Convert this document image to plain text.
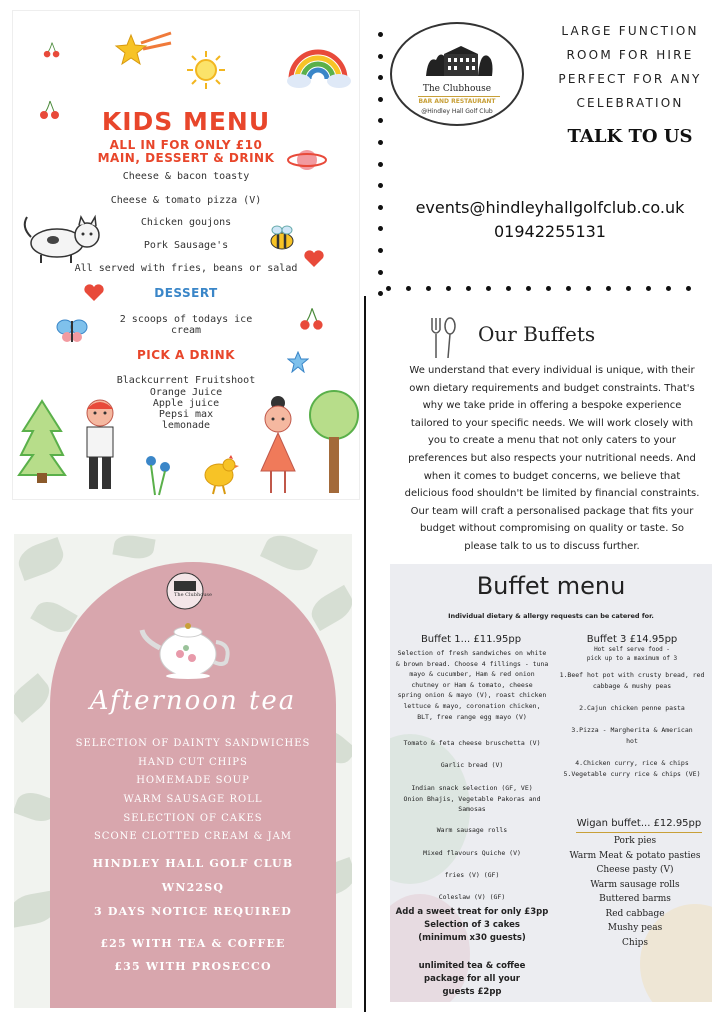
KIDS MENU
ALL IN FOR ONLY £10
MAIN, DESSERT & DRINK
Cheese & bacon toasty
Cheese & tomato pizza (V)
Chicken goujons
Pork Sausage's
All served with fries, beans or salad
DESSERT
2 scoops of todays ice
cream
PICK A DRINK
Blackcurrent Fruitshoot
Orange Juice
Apple juice
Pepsi max
lemonade
The Clubhouse
Afternoon tea
SELECTION OF DAINTY SANDWICHES
HAND CUT CHIPS
HOMEMADE SOUP
WARM SAUSAGE ROLL
SELECTION OF CAKES
SCONE CLOTTED CREAM & JAM
HINDLEY HALL GOLF CLUB
WN22SQ
3 DAYS NOTICE REQUIRED
£25 WITH TEA & COFFEE
£35 WITH PROSECCO
The Clubhouse
BAR AND RESTAURANT
@Hindley Hall Golf Club
LARGE FUNCTION
ROOM FOR HIRE
PERFECT FOR ANY
CELEBRATION
TALK TO US
events@hindleyhallgolfclub.co.uk
01942255131
Our Buffets
We understand that every individual is unique, with their own dietary requirements and budget constraints. That's why we take pride in offering a bespoke experience tailored to your specific needs. We will work closely with you to create a menu that not only caters to your preferences but also respects your nutritional needs. And when it comes to budget concerns, we believe that delicious food shouldn't be limited by financial constraints. Our team will craft a personalised package that fits your budget without compromising on quality or taste. So please talk to us to discuss further.
Buffet menu
Individual dietary & allergy requests can be catered for.
Buffet 1... £11.95pp
Selection of fresh sandwiches on white
& brown bread. Choose 4 fillings - tuna
mayo & cucumber, Ham & red onion
chutney or Ham & tomato, cheese
spring onion & mayo (V), roast chicken
lettuce & mayo, coronation chicken,
BLT, free range egg mayo (V)
Tomato & feta cheese bruschetta (V)
Garlic bread (V)
Indian snack selection (GF, VE)
Onion Bhajis, Vegetable Pakoras and
Samosas
Warm sausage rolls
Mixed flavours Quiche (V)
fries (V) (GF)
Coleslaw (V) (GF)
Add a sweet treat for only £3pp
Selection of 3 cakes
(minimum x30 guests)
unlimited tea & coffee
package for all your
guests £2pp
Buffet 3 £14.95pp
Hot self serve food -
pick up to a maximum of 3
1.Beef hot pot with crusty bread, red
cabbage & mushy peas
2.Cajun chicken penne pasta
3.Pizza - Margherita & American
hot
4.Chicken curry, rice & chips
5.Vegetable curry rice & chips (VE)
Wigan buffet... £12.95pp
Pork pies
Warm Meat & potato pasties
Cheese pasty (V)
Warm sausage rolls
Buttered barms
Red cabbage
Mushy peas
Chips
